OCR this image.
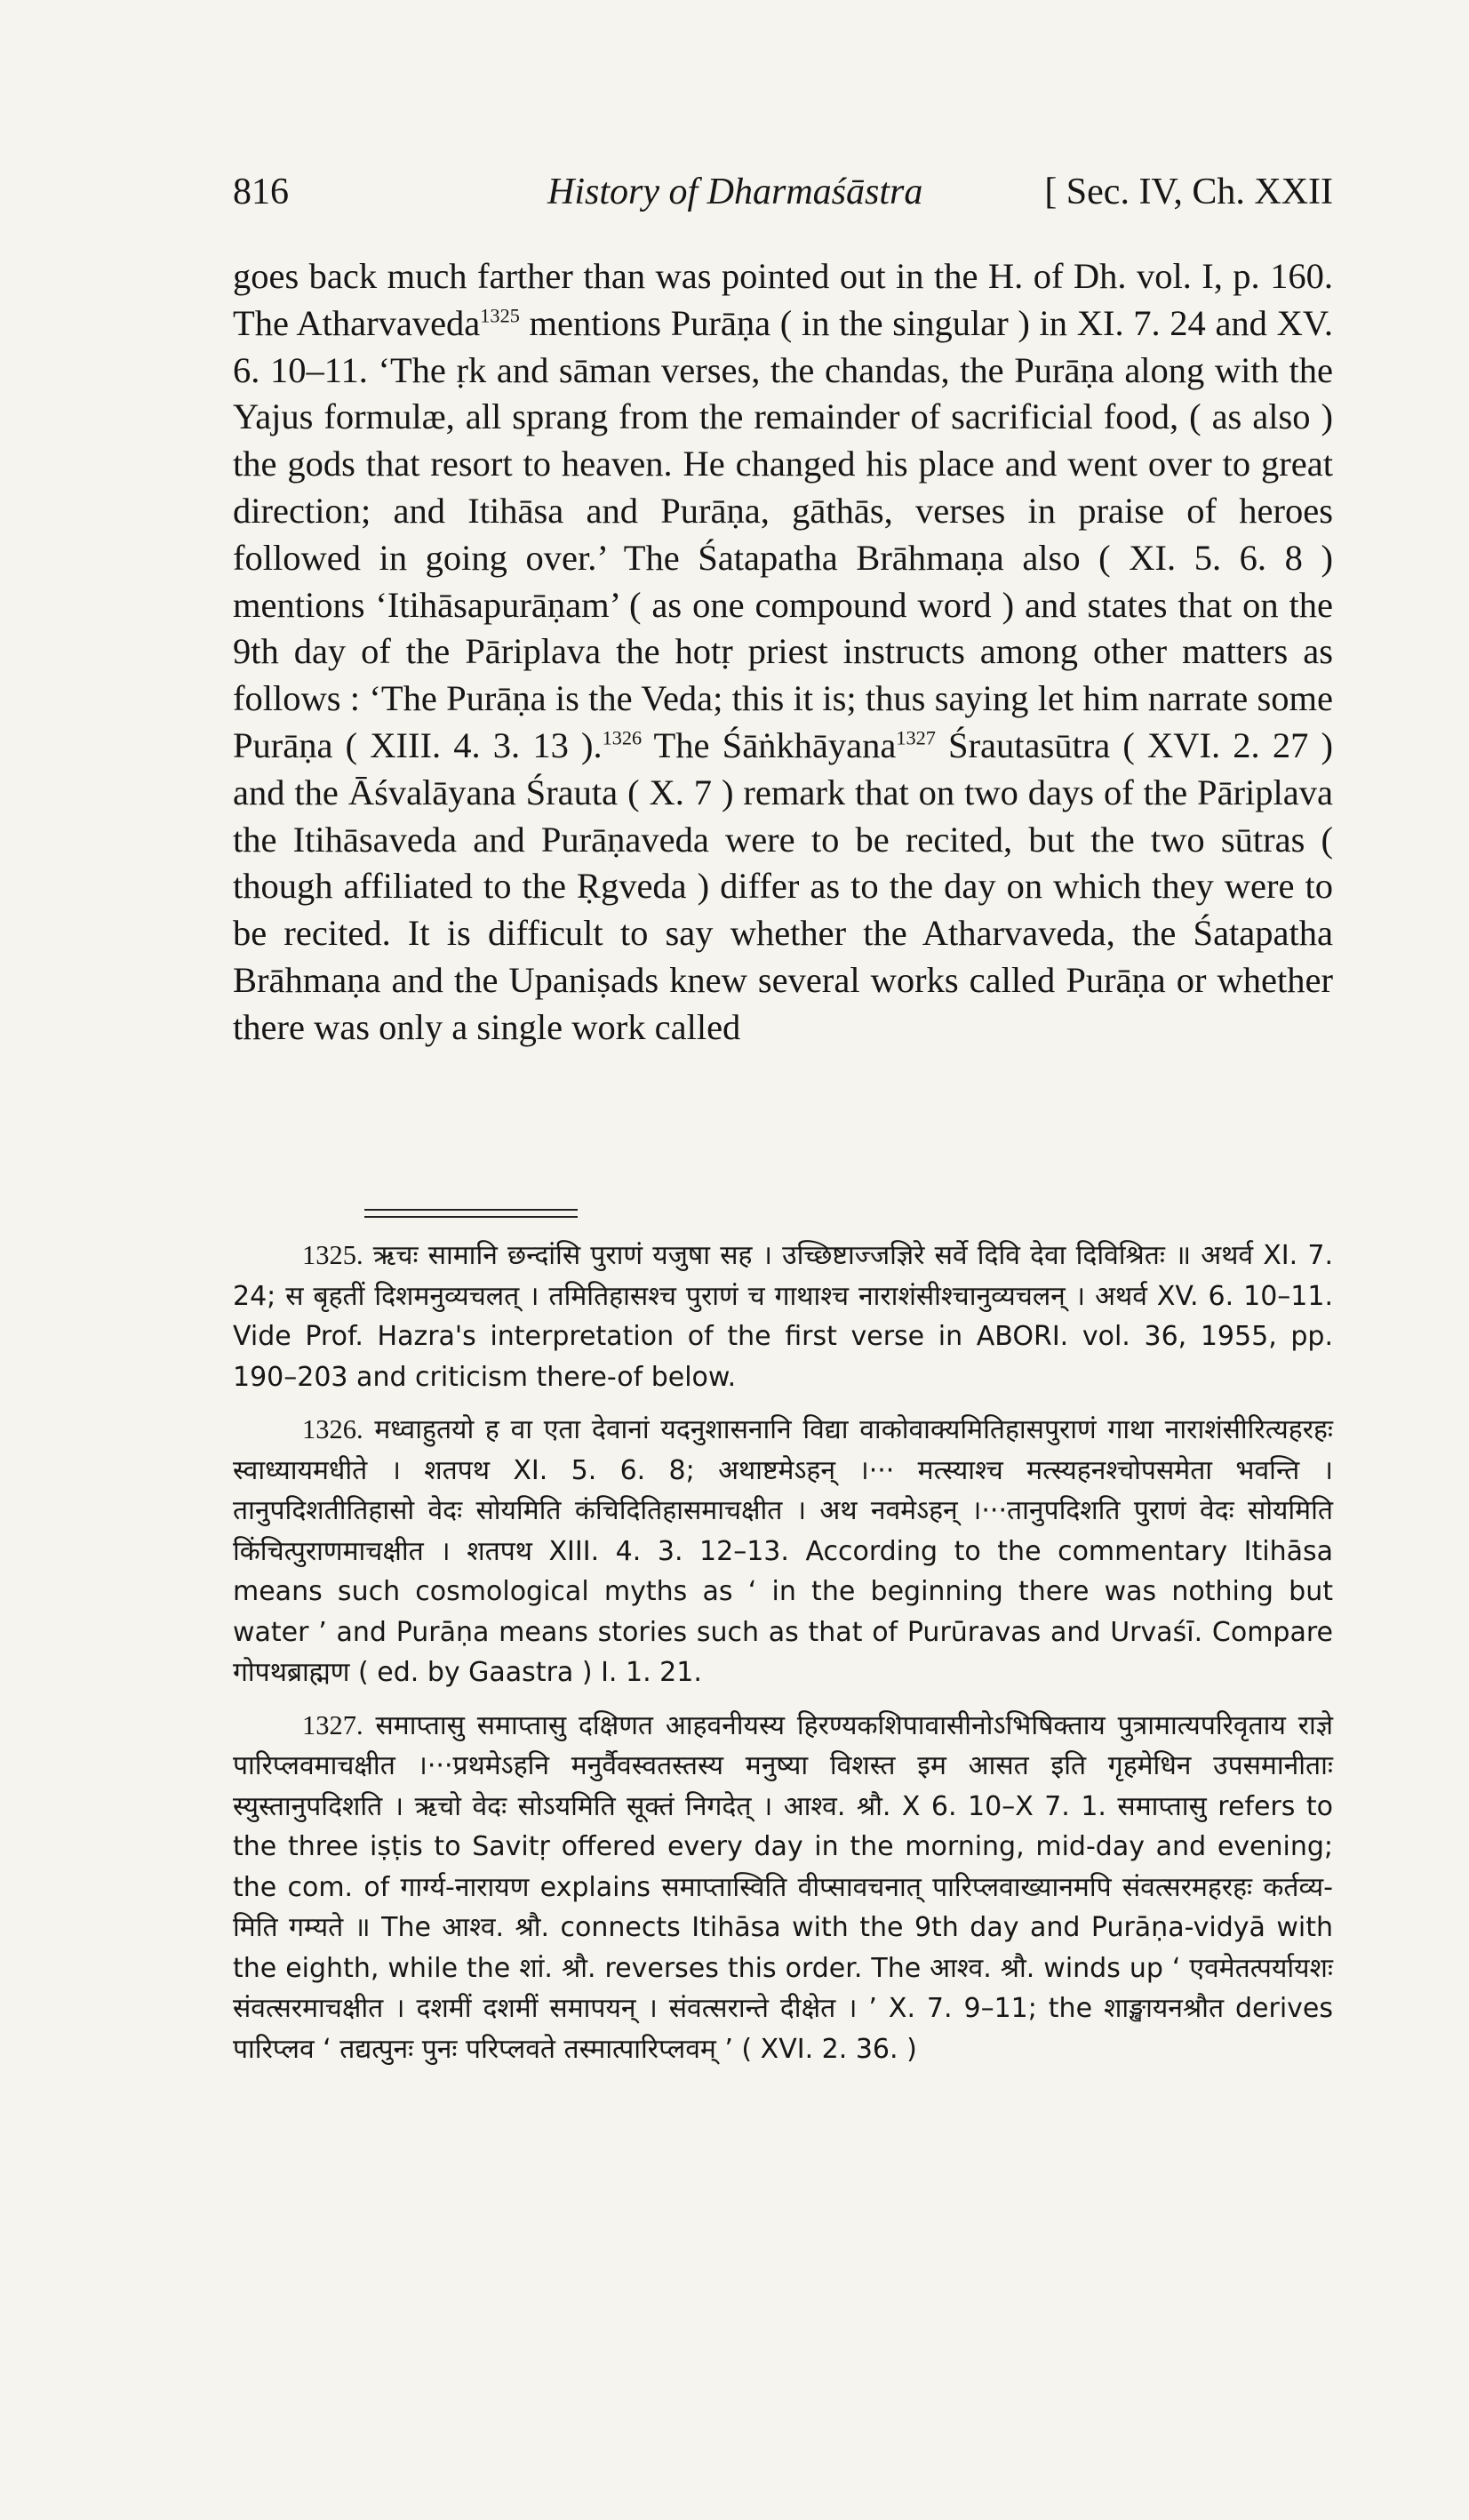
816	History of Dharmaśāstra	[ Sec. IV, Ch. XXII

goes back much farther than was pointed out in the H. of Dh. vol. I, p. 160. The Atharvaveda$^{1325}$ mentions Purāṇa ( in the singular ) in XI. 7. 24 and XV. 6. 10–11. ‘The ṛk and sāman verses, the chandas, the Purāṇa along with the Yajus formulæ, all sprang from the remainder of sacrificial food, ( as also ) the gods that resort to heaven. He changed his place and went over to great direction; and Itihāsa and Purāṇa, gāthās, verses in praise of heroes followed in going over.’ The Śatapatha Brāhmaṇa also ( XI. 5. 6. 8 ) mentions ‘Itihāsapurāṇam’ ( as one compound word ) and states that on the 9th day of the Pāriplava the hotṛ priest instructs among other matters as follows : ‘The Purāṇa is the Veda; this it is; thus saying let him narrate some Purāṇa ( XIII. 4. 3. 13 ).$^{1326}$ The Śāṅkhāyana$^{1327}$ Śrautasūtra ( XVI. 2. 27 ) and the Āśvalāyana Śrauta ( X. 7 ) remark that on two days of the Pāriplava the Itihāsaveda and Purāṇaveda were to be recited, but the two sūtras ( though affiliated to the Ṛgveda ) differ as to the day on which they were to be recited. It is difficult to say whether the Atharvaveda, the Śatapatha Brāhmaṇa and the Upaniṣads knew several works called Purāṇa or whether there was only a single work called

1325. ऋचः सामानि छन्दांसि पुराणं यजुषा सह । उच्छिष्टाज्जज्ञिरे सर्वे दिवि देवा दिविश्रितः ॥ अथर्व XI. 7. 24; स बृहतीं दिशमनुव्यचलत् । तमितिहासश्च पुराणं च गाथाश्च नाराशंसीश्चानुव्यचलन् । अथर्व XV. 6. 10–11. Vide Prof. Hazra's interpretation of the first verse in ABORI. vol. 36, 1955, pp. 190–203 and criticism there-of below.

1326. मध्वाहुतयो ह वा एता देवानां यदनुशासनानि विद्या वाकोवाक्यमितिहासपुराणं गाथा नाराशंसीरित्यहरहः स्वाध्यायमधीते । शतपथ XI. 5. 6. 8; अथाष्टमेऽहन् ।··· मत्स्याश्च मत्स्यहनश्चोपसमेता भवन्ति । तानुपदिशतीतिहासो वेदः सोयमिति कंचिदितिहासमाचक्षीत । अथ नवमेऽहन् ।···तानुपदिशति पुराणं वेदः सोयमिति किंचित्पुराणमाचक्षीत । शतपथ XIII. 4. 3. 12–13. According to the commentary Itihāsa means such cosmological myths as ‘ in the beginning there was nothing but water ’ and Purāṇa means stories such as that of Purūravas and Urvaśī. Compare गोपथब्राह्मण ( ed. by Gaastra ) I. 1. 21.

1327. समाप्तासु समाप्तासु दक्षिणत आहवनीयस्य हिरण्यकशिपावासीनोऽभिषिक्ताय पुत्रामात्यपरिवृताय राज्ञे पारिप्लवमाचक्षीत ।···प्रथमेऽहनि मनुर्वैवस्वतस्तस्य मनुष्या विशस्त इम आसत इति गृहमेधिन उपसमानीताः स्युस्तानुपदिशति । ऋचो वेदः सोऽयमिति सूक्तं निगदेत् । आश्व. श्रौ. X 6. 10–X 7. 1. समाप्तासु refers to the three iṣṭis to Savitṛ offered every day in the morning, mid-day and evening; the com. of गार्ग्य-नारायण explains समाप्तास्विति वीप्सावचनात् पारिप्लवाख्यानमपि संवत्सरमहरहः कर्तव्य-मिति गम्यते ॥ The आश्व. श्रौ. connects Itihāsa with the 9th day and Purāṇa-vidyā with the eighth, while the शां. श्रौ. reverses this order. The आश्व. श्रौ. winds up ‘ एवमेतत्पर्यायशः संवत्सरमाचक्षीत । दशमीं दशमीं समापयन् । संवत्सरान्ते दीक्षेत । ’ X. 7. 9–11; the शाङ्खायनश्रौत derives पारिप्लव ‘ तद्यत्पुनः पुनः परिप्लवते तस्मात्पारिप्लवम् ’ ( XVI. 2. 36. )
